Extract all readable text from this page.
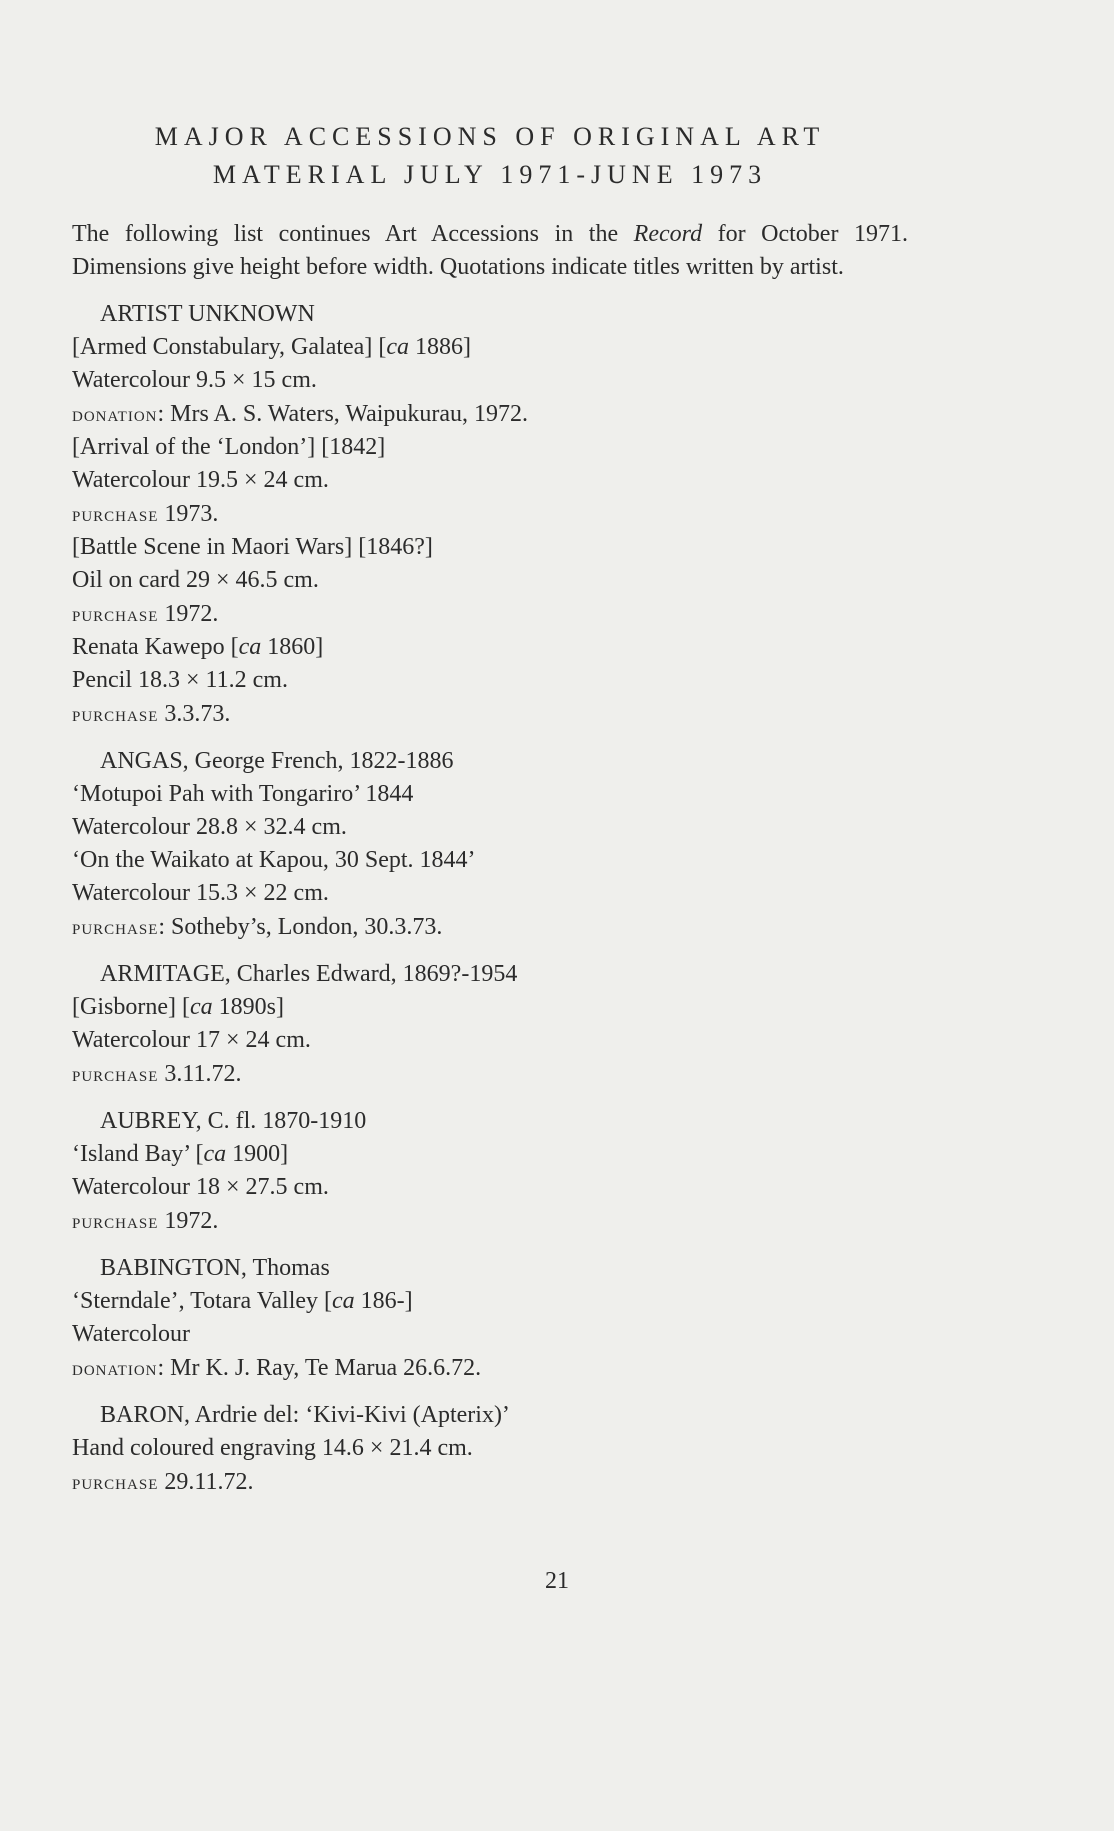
MAJOR ACCESSIONS OF ORIGINAL ART
MATERIAL JULY 1971-JUNE 1973

The following list continues Art Accessions in the Record for October 1971. Dimensions give height before width. Quotations indicate titles written by artist.

ARTIST UNKNOWN
[Armed Constabulary, Galatea] [ca 1886]
Watercolour 9.5 × 15 cm.
donation: Mrs A. S. Waters, Waipukurau, 1972.
[Arrival of the ‘London’] [1842]
Watercolour 19.5 × 24 cm.
purchase 1973.
[Battle Scene in Maori Wars] [1846?]
Oil on card 29 × 46.5 cm.
purchase 1972.
Renata Kawepo [ca 1860]
Pencil 18.3 × 11.2 cm.
purchase 3.3.73.
ANGAS, George French, 1822-1886
‘Motupoi Pah with Tongariro’ 1844
Watercolour 28.8 × 32.4 cm.
‘On the Waikato at Kapou, 30 Sept. 1844’
Watercolour 15.3 × 22 cm.
purchase: Sotheby’s, London, 30.3.73.
ARMITAGE, Charles Edward, 1869?-1954
[Gisborne] [ca 1890s]
Watercolour 17 × 24 cm.
purchase 3.11.72.
AUBREY, C. fl. 1870-1910
‘Island Bay’ [ca 1900]
Watercolour 18 × 27.5 cm.
purchase 1972.
BABINGTON, Thomas
‘Sterndale’, Totara Valley [ca 186-]
Watercolour
donation: Mr K. J. Ray, Te Marua 26.6.72.
BARON, Ardrie del: ‘Kivi-Kivi (Apterix)’
Hand coloured engraving 14.6 × 21.4 cm.
purchase 29.11.72.
21
